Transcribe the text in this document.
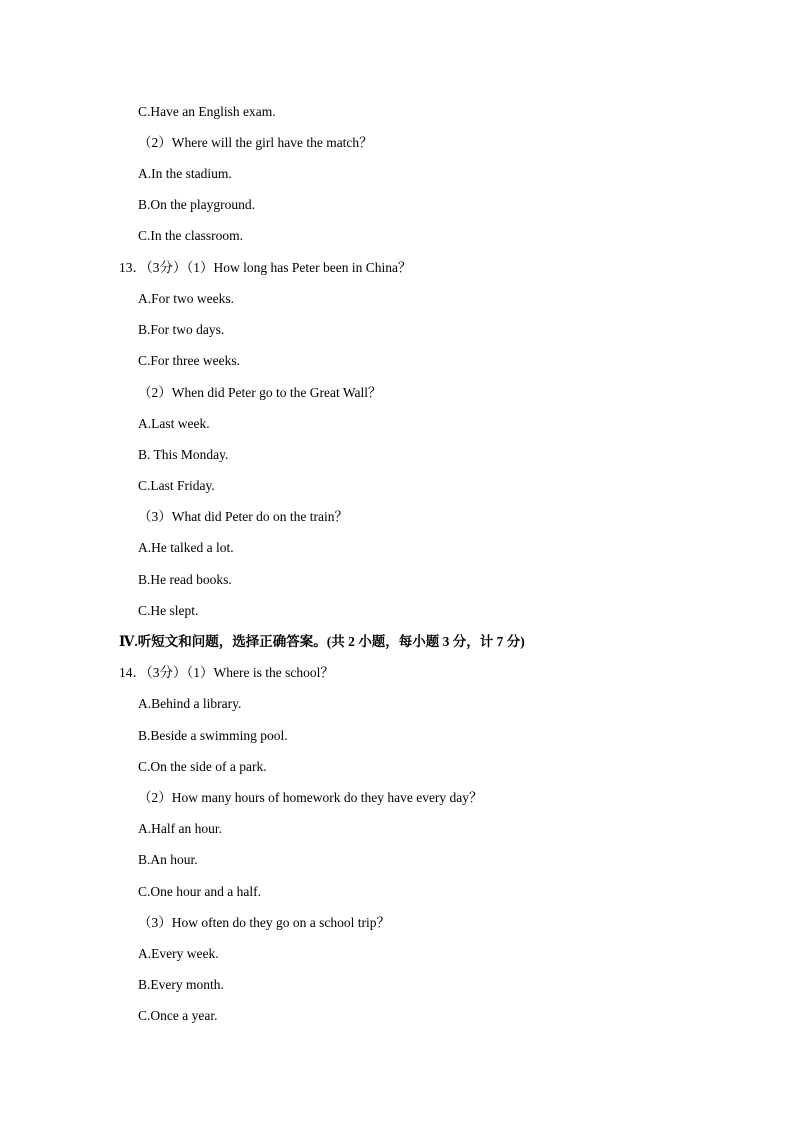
C.Have an English exam.
（2）Where will the girl have the match？
A.In the stadium.
B.On the playground.
C.In the classroom.
13．（3分）（1）How long has Peter been in China？
A.For two weeks.
B.For two days.
C.For three weeks.
（2）When did Peter go to the Great Wall？
A.Last week.
B. This Monday.
C.Last Friday.
（3）What did Peter do on the train？
A.He talked a lot.
B.He read books.
C.He slept.
Ⅳ.听短文和问题，选择正确答案。(共 2 小题，每小题 3 分，计 7 分)
14．（3分）（1）Where is the school？
A.Behind a library.
B.Beside a swimming pool.
C.On the side of a park.
（2）How many hours of homework do they have every day？
A.Half an hour.
B.An hour.
C.One hour and a half.
（3）How often do they go on a school trip？
A.Every week.
B.Every month.
C.Once a year.
